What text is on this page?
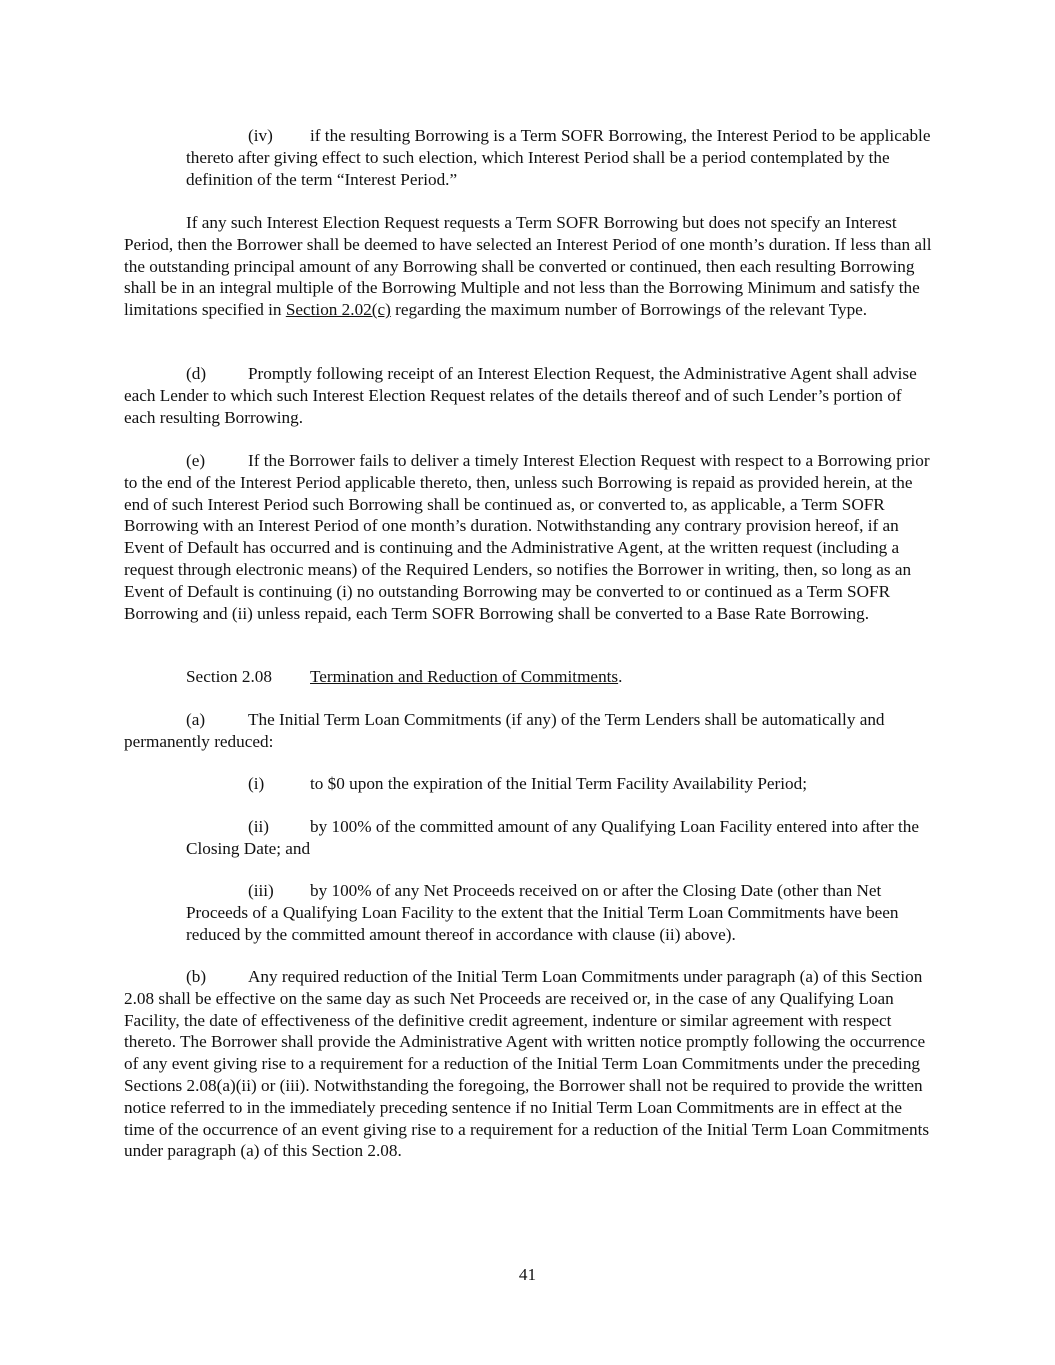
(iv) if the resulting Borrowing is a Term SOFR Borrowing, the Interest Period to be applicable thereto after giving effect to such election, which Interest Period shall be a period contemplated by the definition of the term “Interest Period.”

If any such Interest Election Request requests a Term SOFR Borrowing but does not specify an Interest Period, then the Borrower shall be deemed to have selected an Interest Period of one month’s duration. If less than all the outstanding principal amount of any Borrowing shall be converted or continued, then each resulting Borrowing shall be in an integral multiple of the Borrowing Multiple and not less than the Borrowing Minimum and satisfy the limitations specified in Section 2.02(c) regarding the maximum number of Borrowings of the relevant Type.

(d) Promptly following receipt of an Interest Election Request, the Administrative Agent shall advise each Lender to which such Interest Election Request relates of the details thereof and of such Lender’s portion of each resulting Borrowing.

(e) If the Borrower fails to deliver a timely Interest Election Request with respect to a Borrowing prior to the end of the Interest Period applicable thereto, then, unless such Borrowing is repaid as provided herein, at the end of such Interest Period such Borrowing shall be continued as, or converted to, as applicable, a Term SOFR Borrowing with an Interest Period of one month’s duration. Notwithstanding any contrary provision hereof, if an Event of Default has occurred and is continuing and the Administrative Agent, at the written request (including a request through electronic means) of the Required Lenders, so notifies the Borrower in writing, then, so long as an Event of Default is continuing (i) no outstanding Borrowing may be converted to or continued as a Term SOFR Borrowing and (ii) unless repaid, each Term SOFR Borrowing shall be converted to a Base Rate Borrowing.

Section 2.08 Termination and Reduction of Commitments.

(a) The Initial Term Loan Commitments (if any) of the Term Lenders shall be automatically and permanently reduced:

(i)	to $0 upon the expiration of the Initial Term Facility Availability Period;

(ii) by 100% of the committed amount of any Qualifying Loan Facility entered into after the Closing Date; and

(iii) by 100% of any Net Proceeds received on or after the Closing Date (other than Net Proceeds of a Qualifying Loan Facility to the extent that the Initial Term Loan Commitments have been reduced by the committed amount thereof in accordance with clause (ii) above).

(b) Any required reduction of the Initial Term Loan Commitments under paragraph (a) of this Section 2.08 shall be effective on the same day as such Net Proceeds are received or, in the case of any Qualifying Loan Facility, the date of effectiveness of the definitive credit agreement, indenture or similar agreement with respect thereto. The Borrower shall provide the Administrative Agent with written notice promptly following the occurrence of any event giving rise to a requirement for a reduction of the Initial Term Loan Commitments under the preceding Sections 2.08(a)(ii) or (iii). Notwithstanding the foregoing, the Borrower shall not be required to provide the written notice referred to in the immediately preceding sentence if no Initial Term Loan Commitments are in effect at the time of the occurrence of an event giving rise to a requirement for a reduction of the Initial Term Loan Commitments under paragraph (a) of this Section 2.08.

41
